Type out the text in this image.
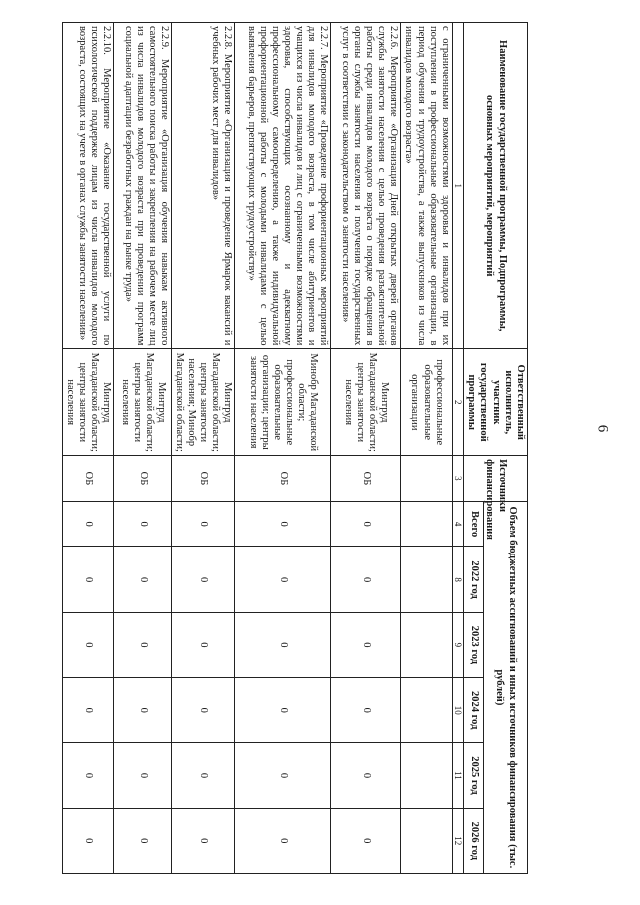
6
Наименование государственной программы, Подпрограммы, основных мероприятий, мероприятий	Ответственный исполнитель, участник государственной программы	Источники финансирования	Объем бюджетных ассигнований и иных источников финансирования (тыс. рублей)					
			Всего	2022 год	2023 год	2024 год	2025 год	2026 год
1	2	3	4	8	9	10	11	12
с ограниченными возможностями здоровья и инвалидов при их поступлении в профессиональные образовательные организации, в период обучения и трудоустройства, а также выпускников из числа инвалидов молодого возраста»	профессиональные образовательные организации							
2.2.6. Мероприятие «Организация Дней открытых дверей органов службы занятости населения с целью проведения разъяснительной работы среди инвалидов молодого возраста о порядке обращения в органы службы занятости населения и получения государственных услуг в соответствии с законодательством о занятости населения»	Минтруд Магаданской области; центры занятости населения	ОБ	0	0	0	0	0	0
2.2.7. Мероприятие «Проведение профориентационных мероприятий для инвалидов молодого возраста, в том числе абитуриентов и учащихся из числа инвалидов и лиц с ограниченными возможностями здоровья, способствующих осознанному и адекватному профессиональному самоопределению, а также индивидуальной профориентационной работы с молодыми инвалидами с целью выявления барьеров, препятствующих трудоустройству»	Минобр Магаданской области; профессиональные образовательные организации; центры занятости населения	ОБ	0	0	0	0	0	0
2.2.8. Мероприятие «Организация и проведение Ярмарок вакансий и учебных рабочих мест для инвалидов»	Минтруд Магаданской области; центры занятости населения; Минобр Магаданской области;	ОБ	0	0	0	0	0	0
2.2.9. Мероприятие «Организация обучения навыкам активного самостоятельного поиска работы и закрепления на рабочем месте лиц из числа инвалидов молодого возраста при проведении программ социальной адаптации безработных граждан на рынке труда»	Минтруд Магаданской области; центры занятости населения	ОБ	0	0	0	0	0	0
2.2.10. Мероприятие «Оказание государственной услуги по психологической поддержке лицам из числа инвалидов молодого возраста, состоящих на учете в органах службы занятости населения»	Минтруд Магаданской области; центры занятости населения	ОБ	0	0	0	0	0	0
